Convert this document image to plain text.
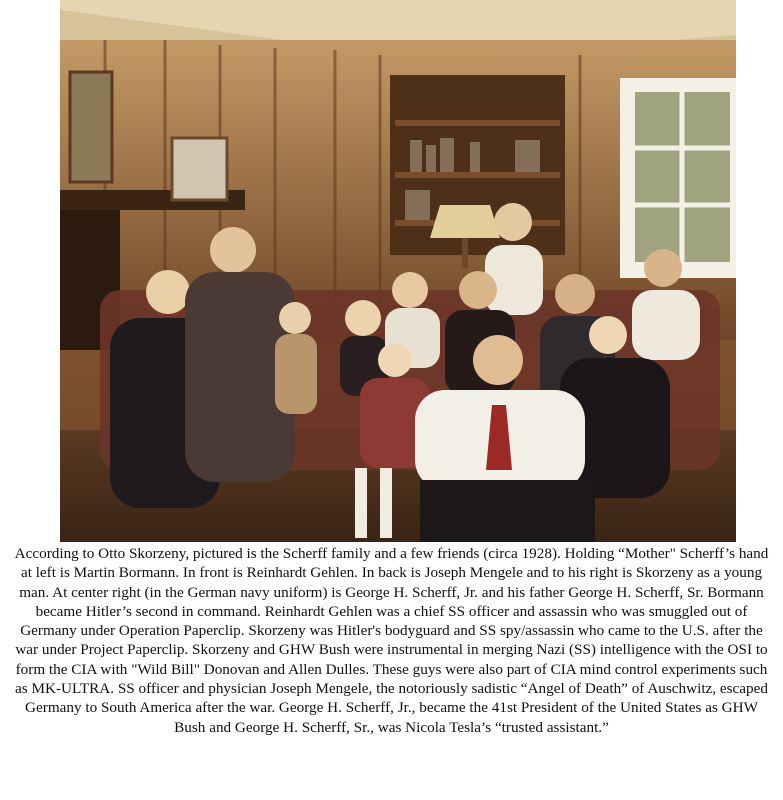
According to Otto Skorzeny, pictured is the Scherff family and a few friends (circa 1928). Holding “Mother" Scherff’s hand at left is Martin Bormann. In front is Reinhardt Gehlen. In back is Joseph Mengele and to his right is Skorzeny as a young man. At center right (in the German navy uniform) is George H. Scherff, Jr. and his father George H. Scherff, Sr. Bormann became Hitler’s second in command. Reinhardt Gehlen was a chief SS officer and assassin who was smuggled out of Germany under Operation Paperclip. Skorzeny was Hitler's bodyguard and SS spy/assassin who came to the U.S. after the war under Project Paperclip. Skorzeny and GHW Bush were instrumental in merging Nazi (SS) intelligence with the OSI to form the CIA with "Wild Bill" Donovan and Allen Dulles. These guys were also part of CIA mind control experiments such as MK-ULTRA. SS officer and physician Joseph Mengele, the notoriously sadistic “Angel of Death” of Auschwitz, escaped Germany to South America after the war. George H. Scherff, Jr., became the 41st President of the United States as GHW Bush and George H. Scherff, Sr., was Nicola Tesla’s “trusted assistant.”
